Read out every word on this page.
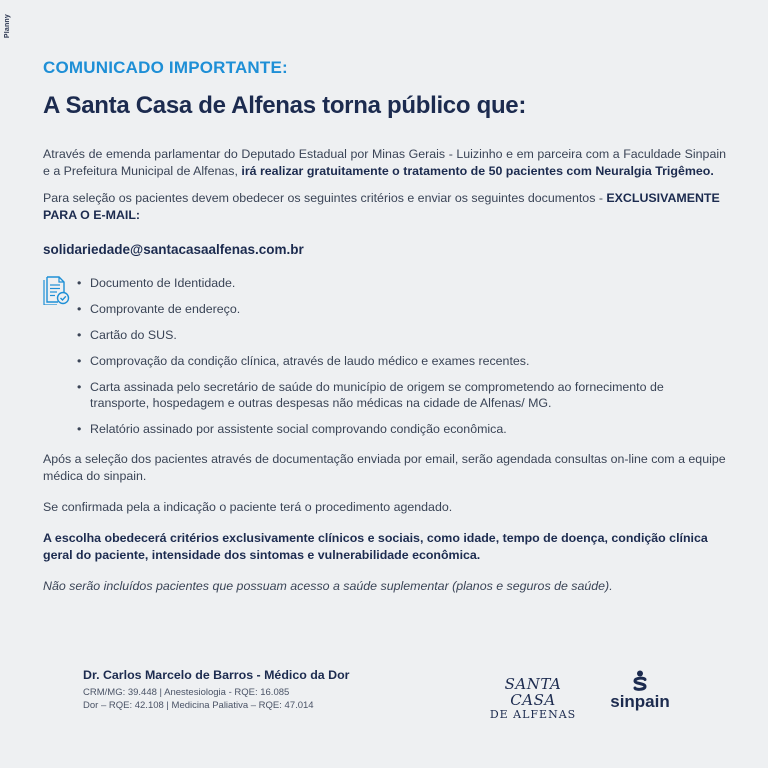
Planny
COMUNICADO IMPORTANTE:
A Santa Casa de Alfenas torna público que:

Através de emenda parlamentar do Deputado Estadual por Minas Gerais - Luizinho e em parceira com a Faculdade Sinpain e a Prefeitura Municipal de Alfenas, irá realizar gratuitamente o tratamento de 50 pacientes com Neuralgia Trigêmeo.

Para seleção os pacientes devem obedecer os seguintes critérios e enviar os seguintes documentos - EXCLUSIVAMENTE PARA O E-MAIL:

solidariedade@santacasaalfenas.com.br
• Documento de Identidade.
• Comprovante de endereço.
• Cartão do SUS.
• Comprovação da condição clínica, através de laudo médico e exames recentes.
• Carta assinada pelo secretário de saúde do município de origem se comprometendo ao fornecimento de transporte, hospedagem e outras despesas não médicas na cidade de Alfenas/ MG.
• Relatório assinado por assistente social comprovando condição econômica.

Após a seleção dos pacientes através de documentação enviada por email, serão agendada consultas on-line com a equipe médica do sinpain.

Se confirmada pela a indicação o paciente terá o procedimento agendado.

A escolha obedecerá critérios exclusivamente clínicos e sociais, como idade, tempo de doença, condição clínica geral do paciente, intensidade dos sintomas e vulnerabilidade econômica.

Não serão incluídos pacientes que possuam acesso a saúde suplementar (planos e seguros de saúde).

Dr. Carlos Marcelo de Barros - Médico da Dor
CRM/MG: 39.448 | Anestesiologia - RQE: 16.085
Dor – RQE: 42.108 | Medicina Paliativa – RQE: 47.014
SANTA CASA
DE ALFENAS
sinpain
